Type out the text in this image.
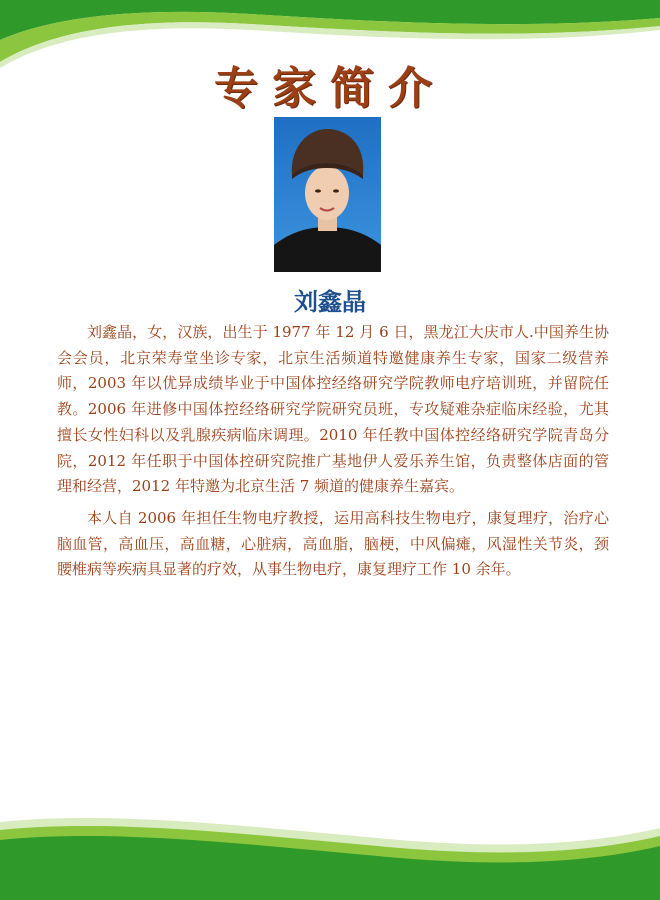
专家简介
刘鑫晶

刘鑫晶，女，汉族，出生于 1977 年 12 月 6 日，黑龙江大庆市人.中国养生协会会员，北京荣寿堂坐诊专家，北京生活频道特邀健康养生专家，国家二级营养师，2003 年以优异成绩毕业于中国体控经络研究学院教师电疗培训班，并留院任教。2006 年进修中国体控经络研究学院研究员班，专攻疑难杂症临床经验，尤其擅长女性妇科以及乳腺疾病临床调理。2010 年任教中国体控经络研究学院青岛分院，2012 年任职于中国体控研究院推广基地伊人爱乐养生馆，负责整体店面的管理和经营，2012 年特邀为北京生活 7 频道的健康养生嘉宾。

本人自 2006 年担任生物电疗教授，运用高科技生物电疗，康复理疗，治疗心脑血管，高血压，高血糖，心脏病，高血脂，脑梗，中风偏瘫，风湿性关节炎，颈腰椎病等疾病具显著的疗效，从事生物电疗，康复理疗工作 10 余年。
